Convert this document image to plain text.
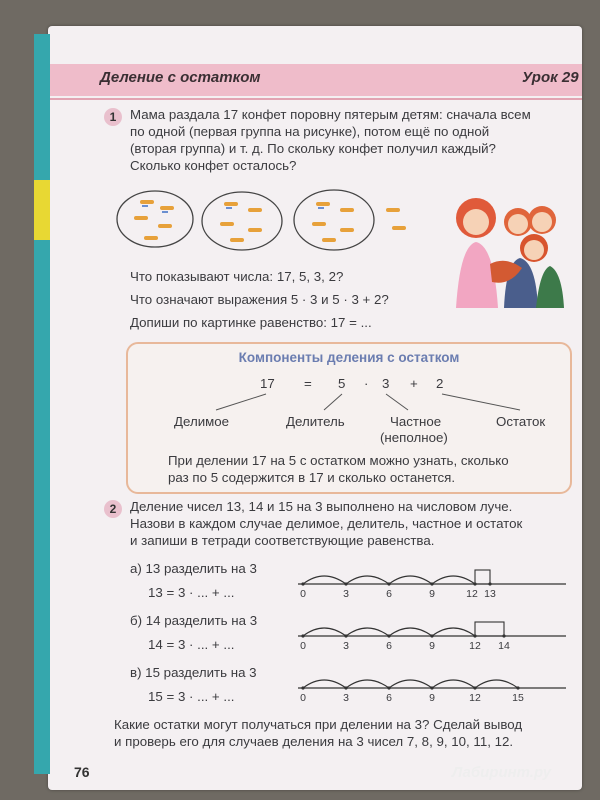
Деление с остатком	Урок 29
1	Мама раздала 17 конфет поровну пятерым детям: сначала всем
по одной (первая группа на рисунке), потом ещё по одной
(вторая группа) и т. д. По скольку конфет получил каждый?
Сколько конфет осталось?
Что показывают числа: 17, 5, 3, 2?
Что означают выражения 5 · 3 и 5 · 3 + 2?
Допиши по картинке равенство: 17 = ...
Компоненты деления с остатком
17 = 5 · 3 + 2
Делимое	Делитель	Частное
(неполное)
Остаток
При делении 17 на 5 с остатком можно узнать, сколько
раз по 5 содержится в 17 и сколько останется.
2	Деление чисел 13, 14 и 15 на 3 выполнено на числовом луче.
Назови в каждом случае делимое, делитель, частное и остаток
и запиши в тетради соответствующие равенства.
а) 13 разделить на 3
13 = 3 · ... + ...	0	3	6	9	12 13
б) 14 разделить на 3
14 = 3 · ... + ...	0	3	6	9	12	14
в) 15 разделить на 3
15 = 3 · ... + ...	0	3	6	9	12	15
Какие остатки могут получаться при делении на 3? Сделай вывод
и проверь его для случаев деления на 3 чисел 7, 8, 9, 10, 11, 12.
76	Лабиринт.ру
